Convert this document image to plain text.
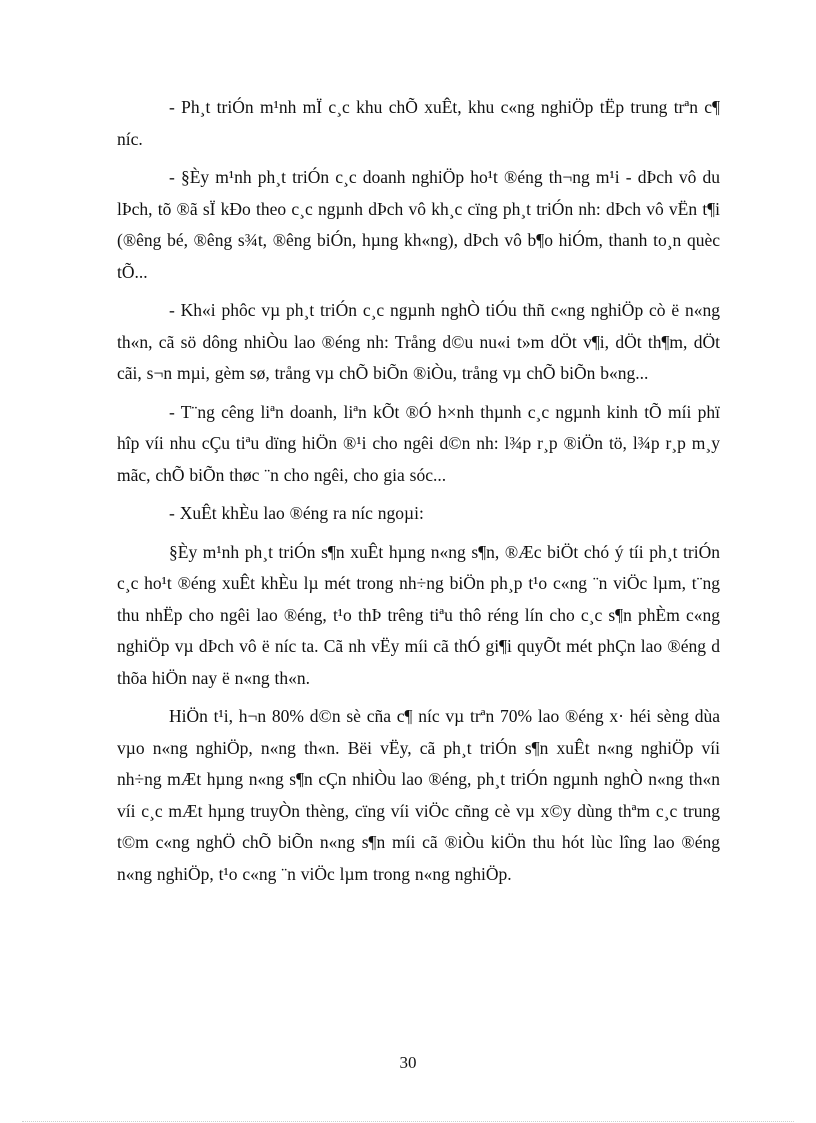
- Ph¸t triÓn m¹nh mÏ c¸c khu chÕ xuÊt, khu c«ng nghiÖp tËp trung trªn c¶ níc.

- §Èy m¹nh ph¸t triÓn c¸c doanh nghiÖp ho¹t ®éng th¬ng m¹i - dÞch vô du lÞch, tõ ®ã sÏ kÐo theo c¸c ngµnh dÞch vô kh¸c cïng ph¸t triÓn nh: dÞch vô vËn t¶i (®êng bé, ®êng s¾t, ®êng biÓn, hµng kh«ng), dÞch vô b¶o hiÓm, thanh to¸n quèc tÕ...

- Kh«i phôc vµ ph¸t triÓn c¸c ngµnh nghÒ tiÓu thñ c«ng nghiÖp cò ë n«ng th«n, cã sö dông nhiÒu lao ®éng nh: Trång d©u nu«i t»m dÖt v¶i, dÖt th¶m, dÖt cãi, s¬n mµi, gèm sø, trång vµ chÕ biÕn ®iÒu, trång vµ chÕ biÕn b«ng...

- T¨ng cêng liªn doanh, liªn kÕt ®Ó h×nh thµnh c¸c ngµnh kinh tÕ míi phï hîp víi nhu cÇu tiªu dïng hiÖn ®¹i cho ngêi d©n nh: l¾p r¸p ®iÖn tö, l¾p r¸p m¸y mãc, chÕ biÕn thøc ¨n cho ngêi, cho gia sóc...

- XuÊt khÈu lao ®éng ra níc ngoµi:

§Èy m¹nh ph¸t triÓn s¶n xuÊt hµng n«ng s¶n, ®Æc biÖt chó ý tíi ph¸t triÓn c¸c ho¹t ®éng xuÊt khÈu lµ mét trong nh÷ng biÖn ph¸p t¹o c«ng ¨n viÖc lµm, t¨ng thu nhËp cho ngêi lao ®éng, t¹o thÞ trêng tiªu thô réng lín cho c¸c s¶n phÈm c«ng nghiÖp vµ dÞch vô ë níc ta. Cã nh vËy míi cã thÓ gi¶i quyÕt mét phÇn lao ®éng d thõa hiÖn nay ë n«ng th«n.

HiÖn t¹i, h¬n 80% d©n sè cña c¶ níc vµ trªn 70% lao ®éng x· héi sèng dùa vµo n«ng nghiÖp, n«ng th«n. Bëi vËy, cã ph¸t triÓn s¶n xuÊt n«ng nghiÖp víi nh÷ng mÆt hµng n«ng s¶n cÇn nhiÒu lao ®éng, ph¸t triÓn ngµnh nghÒ n«ng th«n víi c¸c mÆt hµng truyÒn thèng, cïng víi viÖc cñng cè vµ x©y dùng thªm c¸c trung t©m c«ng nghÖ chÕ biÕn n«ng s¶n míi cã ®iÒu kiÖn thu hót lùc lîng lao ®éng n«ng nghiÖp, t¹o c«ng ¨n viÖc lµm trong n«ng nghiÖp.

30
